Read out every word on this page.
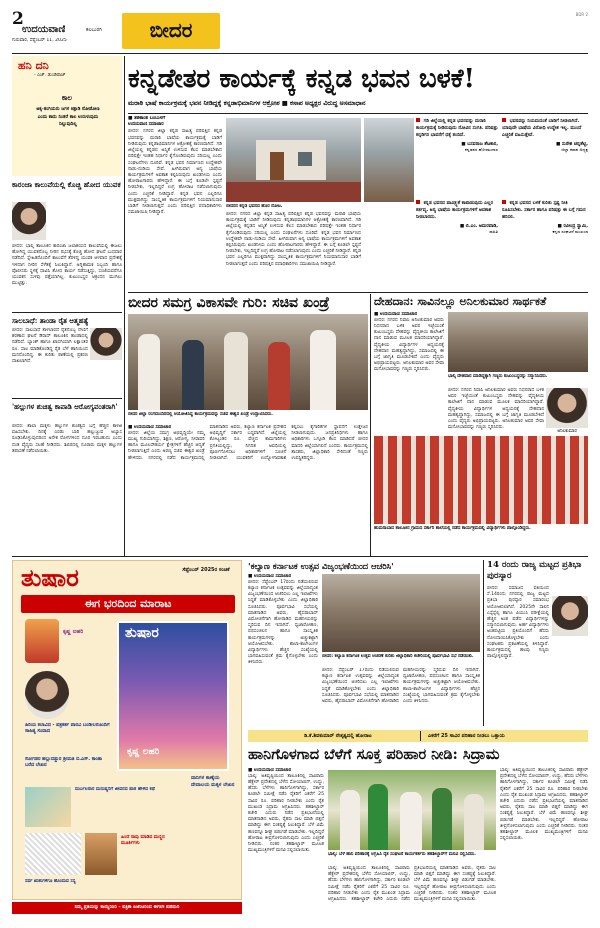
2
ಉದಯವಾಣಿ	ಕಲಬುರಗಿ
ಗುರುವಾರ, ಸೆಪ್ಟೆಂಬರ್ 11, 2025	ಬೀದರ
BDR 2
ಹನಿ ದನಿ
- ಎಚ್. ಡುಂಡಿರಾಜ್
ಕಾಲ
ಅಕ್ಕ-ತಂಗಿಯರು ಜಗಳ ಕಿತ್ತಾಡಿ ನೋಡೋಣ ಎಂದು ಕಾದು ನಿಂತರೆ ಕಾಲ ಉರುಳುವುದು ನಿಲ್ಲುವುದಿಲ್ಲ
ಕಾರಂಜಾ ಕಾಲುವೆಯಲ್ಲಿ ಕೊಚ್ಚಿ ಹೋದ ಯುವಕ
ಬೀದರ: ಭಾಲ್ಕಿ ತಾಲೂಕಿನ ಕಾರಂಜಾ ಜಲಾಶಯದ ಕಾಲುವೆಯಲ್ಲಿ ಈಜಲು ಹೋಗಿದ್ದ ಯುವಕನೊಬ್ಬ ನೀರಿನ ರಭಸಕ್ಕೆ ಕೊಚ್ಚಿ ಹೋದ ಘಟನೆ ಬುಧವಾರ ನಡೆದಿದೆ. ಸ್ನೇಹಿತರೊಂದಿಗೆ ಕಾಲುವೆಗೆ ತೆರಳಿದ್ದ ಯುವಕ ಆಳವಾದ ಪ್ರದೇಶಕ್ಕೆ ಇಳಿದಾಗ ನೀರಿನ ಸೆಳೆತಕ್ಕೆ ಸಿಲುಕಿದ್ದಾನೆ. ಅಗ್ನಿಶಾಮಕ ಸಿಬ್ಬಂದಿ ಹಾಗೂ ಪೊಲೀಸರು ಸ್ಥಳಕ್ಕೆ ಧಾವಿಸಿ ಶೋಧ ಕಾರ್ಯ ನಡೆಸುತ್ತಿದ್ದು, ಸಂಜೆಯವರೆಗೂ ಯುವಕನ ಸುಳಿವು ಪತ್ತೆಯಾಗಿಲ್ಲ. ಕುಟುಂಬಸ್ಥರ ಆಕ್ರಂದನ ಮುಗಿಲು ಮುಟ್ಟಿತ್ತು.
ಸಾಲಬಾಧೆ: ತಾಂಡಾ ರೈತ ಆತ್ಮಹತ್ಯೆ
ಬೀದರ: ಸಾಲಬಾಧೆ ತಾಳಲಾರದೆ ರೈತನೊಬ್ಬ ನೇಣಿಗೆ ಶರಣಾದ ಘಟನೆ ಔರಾದ್ ತಾಲೂಕಿನ ತಾಂಡಾದಲ್ಲಿ ನಡೆದಿದೆ. ಬ್ಯಾಂಕ್ ಹಾಗೂ ಖಾಸಗಿಯಾಗಿ ಲಕ್ಷಾಂತರ ರೂ. ಸಾಲ ಮಾಡಿಕೊಂಡಿದ್ದ ರೈತ ಬೆಳೆ ಹಾನಿಯಿಂದ ಮನನೊಂದಿದ್ದ. ಈ ಕುರಿತು ಠಾಣೆಯಲ್ಲಿ ಪ್ರಕರಣ ದಾಖಲಾಗಿದೆ.
'ಹಲ್ಲುಗಳ ಶುಚಿತ್ವ ಕಾಪಾಡಿ ಆರೋಗ್ಯವಂತರಾಗಿ'
ಬೀದರ: ಶಾಲಾ ಮಕ್ಕಳು ಹಲ್ಲುಗಳ ಶುಚಿತ್ವದ ಬಗ್ಗೆ ಹೆಚ್ಚಿನ ಕಾಳಜಿ ವಹಿಸಬೇಕು. ದಿನಕ್ಕೆ ಎರಡು ಬಾರಿ ಹಲ್ಲುಜ್ಜುವ ಅಭ್ಯಾಸ ರೂಢಿಸಿಕೊಳ್ಳುವುದರಿಂದ ಅನೇಕ ರೋಗಗಳಿಂದ ದೂರ ಇರಬಹುದು ಎಂದು ದಂತ ವೈದ್ಯರು ಸಲಹೆ ನೀಡಿದರು. ಶಿಬಿರದಲ್ಲಿ ನೂರಾರು ಮಕ್ಕಳ ಹಲ್ಲುಗಳ ತಪಾಸಣೆ ನಡೆಸಲಾಯಿತು.
ಕನ್ನಡೇತರ ಕಾರ್ಯಕ್ಕೆ ಕನ್ನಡ ಭವನ ಬಳಕೆ!
ಮರಾಠಿ ಭಾಷೆ ಕಾರ್ಯಕ್ರಮಕ್ಕೆ ಭವನ ನೀಡಿದ್ದಕ್ಕೆ ಕನ್ನಡಾಭಿಮಾನಿಗಳ ಆಕ್ರೋಶ ■ ಕಸಾಪ ಅಧ್ಯಕ್ಷರ ವಿರುದ್ಧ ಅಸಮಾಧಾನ
■ ಶಶಿಕಾಂತ ಬಂಬುಳಗೆ
ಉದಯವಾಣಿ ಸಮಾಚಾರ
ಬೀದರ: ನಗರದ ಜಿಲ್ಲಾ ಕನ್ನಡ ಸಾಹಿತ್ಯ ಪರಿಷತ್ತಿನ ಕನ್ನಡ ಭವನವನ್ನು ಮರಾಠಿ ಭಾಷೆಯ ಕಾರ್ಯಕ್ರಮಕ್ಕೆ ಬಾಡಿಗೆ ನೀಡಿರುವುದು ಕನ್ನಡಾಭಿಮಾನಿಗಳ ಆಕ್ರೋಶಕ್ಕೆ ಕಾರಣವಾಗಿದೆ. ಗಡಿ ಜಿಲ್ಲೆಯಲ್ಲಿ ಕನ್ನಡದ ಅಸ್ಮಿತೆ ಉಳಿಸುವ ಕೆಲಸ ಮಾಡಬೇಕಾದ ಪರಿಷತ್ತೇ ಇಂತಹ ನಿರ್ಧಾರ ಕೈಗೊಂಡಿರುವುದು ಸರಿಯಲ್ಲ ಎಂದು ಸಂಘಟನೆಗಳು ದೂರಿವೆ. ಕನ್ನಡ ಭವನ ನಿರ್ಮಾಣದ ಉದ್ದೇಶವೇ ನಾಡು-ನುಡಿಯ ಸೇವೆ. ಹೀಗಿರುವಾಗ ಅನ್ಯ ಭಾಷೆಯ ಕಾರ್ಯಕ್ರಮಗಳಿಗೆ ಅವಕಾಶ ಕಲ್ಪಿಸಿರುವುದು ಖಂಡನೀಯ ಎಂದು ಹೋರಾಟಗಾರರು ಹೇಳಿದ್ದಾರೆ. ಈ ಬಗ್ಗೆ ಕೂಡಲೇ ಸ್ಪಷ್ಟನೆ ನೀಡಬೇಕು, ಇಲ್ಲದಿದ್ದರೆ ಉಗ್ರ ಹೋರಾಟ ನಡೆಸಲಾಗುವುದು ಎಂದು ಎಚ್ಚರಿಕೆ ನೀಡಿದ್ದಾರೆ. ಕನ್ನಡ ಭವನ ಎಲ್ಲರಿಗೂ ಮುಕ್ತವಾಗಿದ್ದು ಸಾಂಸ್ಕೃತಿಕ ಕಾರ್ಯಕ್ರಮಗಳಿಗೆ ನಿಯಮಾನುಸಾರ ಬಾಡಿಗೆ ನೀಡಲಾಗುತ್ತದೆ ಎಂದು ಪರಿಷತ್ತಿನ ಪದಾಧಿಕಾರಿಗಳು ಸಮಜಾಯಿಷಿ ನೀಡಿದ್ದಾರೆ.
ಬೀದರನ ಕನ್ನಡ ಭವನದ ಹೊರ ನೋಟ.
ಬೀದರ: ನಗರದ ಜಿಲ್ಲಾ ಕನ್ನಡ ಸಾಹಿತ್ಯ ಪರಿಷತ್ತಿನ ಕನ್ನಡ ಭವನವನ್ನು ಮರಾಠಿ ಭಾಷೆಯ ಕಾರ್ಯಕ್ರಮಕ್ಕೆ ಬಾಡಿಗೆ ನೀಡಿರುವುದು ಕನ್ನಡಾಭಿಮಾನಿಗಳ ಆಕ್ರೋಶಕ್ಕೆ ಕಾರಣವಾಗಿದೆ. ಗಡಿ ಜಿಲ್ಲೆಯಲ್ಲಿ ಕನ್ನಡದ ಅಸ್ಮಿತೆ ಉಳಿಸುವ ಕೆಲಸ ಮಾಡಬೇಕಾದ ಪರಿಷತ್ತೇ ಇಂತಹ ನಿರ್ಧಾರ ಕೈಗೊಂಡಿರುವುದು ಸರಿಯಲ್ಲ ಎಂದು ಸಂಘಟನೆಗಳು ದೂರಿವೆ. ಕನ್ನಡ ಭವನ ನಿರ್ಮಾಣದ ಉದ್ದೇಶವೇ ನಾಡು-ನುಡಿಯ ಸೇವೆ. ಹೀಗಿರುವಾಗ ಅನ್ಯ ಭಾಷೆಯ ಕಾರ್ಯಕ್ರಮಗಳಿಗೆ ಅವಕಾಶ ಕಲ್ಪಿಸಿರುವುದು ಖಂಡನೀಯ ಎಂದು ಹೋರಾಟಗಾರರು ಹೇಳಿದ್ದಾರೆ. ಈ ಬಗ್ಗೆ ಕೂಡಲೇ ಸ್ಪಷ್ಟನೆ ನೀಡಬೇಕು, ಇಲ್ಲದಿದ್ದರೆ ಉಗ್ರ ಹೋರಾಟ ನಡೆಸಲಾಗುವುದು ಎಂದು ಎಚ್ಚರಿಕೆ ನೀಡಿದ್ದಾರೆ. ಕನ್ನಡ ಭವನ ಎಲ್ಲರಿಗೂ ಮುಕ್ತವಾಗಿದ್ದು ಸಾಂಸ್ಕೃತಿಕ ಕಾರ್ಯಕ್ರಮಗಳಿಗೆ ನಿಯಮಾನುಸಾರ ಬಾಡಿಗೆ ನೀಡಲಾಗುತ್ತದೆ ಎಂದು ಪರಿಷತ್ತಿನ ಪದಾಧಿಕಾರಿಗಳು ಸಮಜಾಯಿಷಿ ನೀಡಿದ್ದಾರೆ.
ಗಡಿ ಜಿಲ್ಲೆಯಲ್ಲಿ ಕನ್ನಡ ಭವನವನ್ನು ಮರಾಠಿ ಕಾರ್ಯಕ್ರಮಕ್ಕೆ ನೀಡಿರುವುದು ನೋವಿನ ಸಂಗತಿ. ಪರಿಷತ್ತು ಕನ್ನಡಿಗರ ಭಾವನೆಗೆ ಧಕ್ಕೆ ತಂದಿದೆ.
■ ಬಸವರಾಜ ಶೆಟಕಾರ,
ಕನ್ನಡಪರ ಹೋರಾಟಗಾರ
ಭವನವನ್ನು ನಿಯಮದಂತೆ ಬಾಡಿಗೆ ನೀಡಲಾಗಿದೆ. ಯಾವುದೇ ಭಾಷೆಯ ವಿರೋಧಿ ಉದ್ದೇಶ ಇಲ್ಲ. ಮುಂದೆ ಎಚ್ಚರಿಕೆ ವಹಿಸುತ್ತೇವೆ.
■ ಸುರೇಶ ಚನ್ನಶೆಟ್ಟಿ,
ಜಿಲ್ಲಾ ಕಸಾಪ ಅಧ್ಯಕ್ಷ
ಕನ್ನಡ ಭವನದ ಪಾವಿತ್ರ್ಯತೆ ಕಾಪಾಡುವುದು ಎಲ್ಲರ ಕರ್ತವ್ಯ. ಅನ್ಯ ಭಾಷೆಯ ಕಾರ್ಯಕ್ರಮಗಳಿಗೆ ಅವಕಾಶ ನೀಡಬಾರದು.
■ ಬಿ.ಎಂ. ಅಮರವಾಡಿ,
ಸಾಹಿತಿ
ಕನ್ನಡ ಭವನದ ಬಳಕೆ ಕುರಿತು ಸ್ಪಷ್ಟ ನೀತಿ ರೂಪಿಸಬೇಕು. ಸರ್ಕಾರ ಹಾಗೂ ಪರಿಷತ್ತು ಈ ಬಗ್ಗೆ ಗಮನ ಹರಿಸಲಿ.
■ ರವೀಂದ್ರ ಸ್ವಾಮಿ,
ಕನ್ನಡ ಸಂಘಟನೆ ಮುಖಂಡ
ಬೀದರ ಸಮಗ್ರ ವಿಕಾಸವೇ ಗುರಿ: ಸಚಿವ ಖಂಡ್ರೆ
ಬೀದರ ಜಿಲ್ಲಾ ರಂಗಮಂದಿರದಲ್ಲಿ ಆಯೋಜಿಸಿದ್ದ ಕಾರ್ಯಕ್ರಮವನ್ನು ಸಚಿವ ಈಶ್ವರ ಖಂಡ್ರೆ ಉದ್ಘಾಟಿಸಿದರು.
■ ಉದಯವಾಣಿ ಸಮಾಚಾರ
ಬೀದರ: ಜಿಲ್ಲೆಯ ಸಮಗ್ರ ಅಭಿವೃದ್ಧಿಯೇ ನಮ್ಮ ಮುಖ್ಯ ಗುರಿಯಾಗಿದ್ದು, ಶಿಕ್ಷಣ, ಆರೋಗ್ಯ, ನೀರಾವರಿ ಹಾಗೂ ಮೂಲಸೌಕರ್ಯ ಕ್ಷೇತ್ರಗಳಿಗೆ ಹೆಚ್ಚಿನ ಆದ್ಯತೆ ನೀಡಲಾಗುತ್ತಿದೆ ಎಂದು ಅರಣ್ಯ ಸಚಿವ ಈಶ್ವರ ಖಂಡ್ರೆ ಹೇಳಿದರು. ನಗರದಲ್ಲಿ ನಡೆದ ಕಾರ್ಯಕ್ರಮದಲ್ಲಿ ಮಾತನಾಡಿದ ಅವರು, ಕಲ್ಯಾಣ ಕರ್ನಾಟಕ ಪ್ರದೇಶದ ಅಭಿವೃದ್ಧಿಗೆ ಸರ್ಕಾರ ಬದ್ಧವಾಗಿದೆ. ಜಿಲ್ಲೆಯಲ್ಲಿ ಕೋಟ್ಯಂತರ ರೂ. ವೆಚ್ಚದ ಕಾಮಗಾರಿಗಳು ಪ್ರಗತಿಯಲ್ಲಿದ್ದು, ನಿಗದಿತ ಅವಧಿಯಲ್ಲಿ ಪೂರ್ಣಗೊಳಿಸಲು ಅಧಿಕಾರಿಗಳಿಗೆ ಸೂಚನೆ ನೀಡಲಾಗಿದೆ. ಯುವಕರಿಗೆ ಉದ್ಯೋಗಾವಕಾಶ ಕಲ್ಪಿಸಲು ಕೈಗಾರಿಕೆಗಳ ಸ್ಥಾಪನೆಗೆ ಉತ್ತೇಜನ ನೀಡಲಾಗುವುದು. ಜನಪ್ರತಿನಿಧಿಗಳು ಹಾಗೂ ಅಧಿಕಾರಿಗಳು ಒಗ್ಗೂಡಿ ಕೆಲಸ ಮಾಡಿದರೆ ಬೀದರ ಮಾದರಿ ಜಿಲ್ಲೆಯಾಗಲಿದೆ ಎಂದರು. ಕಾರ್ಯಕ್ರಮದಲ್ಲಿ ಶಾಸಕರು, ಜಿಲ್ಲಾಧಿಕಾರಿ ಸೇರಿದಂತೆ ಗಣ್ಯರು ಉಪಸ್ಥಿತರಿದ್ದರು.
ದೇಹದಾನ: ಸಾವಿನಲ್ಲೂ ಅನಿಲಕುಮಾರ ಸಾರ್ಥಕತೆ
■ ಉದಯವಾಣಿ ಸಮಾಚಾರ
ಬೀದರ: ನಗರದ ನಿವಾಸಿ ಅನಿಲಕುಮಾರ ಅವರು ನಿಧನರಾದ ಬಳಿಕ ಅವರ ಇಚ್ಛೆಯಂತೆ ಕುಟುಂಬಸ್ಥರು ದೇಹವನ್ನು ವೈದ್ಯಕೀಯ ಕಾಲೇಜಿಗೆ ದಾನ ಮಾಡುವ ಮೂಲಕ ಮಾದರಿಯಾಗಿದ್ದಾರೆ. ವೈದ್ಯಕೀಯ ವಿದ್ಯಾರ್ಥಿಗಳ ಅಧ್ಯಯನಕ್ಕೆ ದೇಹದಾನ ಮಹತ್ವದ್ದಾಗಿದ್ದು, ಸಮಾಜದಲ್ಲಿ ಈ ಬಗ್ಗೆ ಜಾಗೃತಿ ಮೂಡಬೇಕಿದೆ ಎಂದು ವೈದ್ಯರು ಅಭಿಪ್ರಾಯಪಟ್ಟರು. ಅನಿಲಕುಮಾರ ಅವರ ಸೇವಾ ಮನೋಭಾವವನ್ನು ಗಣ್ಯರು ಸ್ಮರಿಸಿದರು.
ಭಾಲ್ಕಿ ದೇಹದಾನ ಮಾಡಿದ್ದಕ್ಕಾಗಿ ಗಣ್ಯರು ಕುಟುಂಬಸ್ಥರನ್ನು ಸನ್ಮಾನಿಸಿದರು.
ಬೀದರ: ನಗರದ ನಿವಾಸಿ ಅನಿಲಕುಮಾರ ಅವರು ನಿಧನರಾದ ಬಳಿಕ ಅವರ ಇಚ್ಛೆಯಂತೆ ಕುಟುಂಬಸ್ಥರು ದೇಹವನ್ನು ವೈದ್ಯಕೀಯ ಕಾಲೇಜಿಗೆ ದಾನ ಮಾಡುವ ಮೂಲಕ ಮಾದರಿಯಾಗಿದ್ದಾರೆ. ವೈದ್ಯಕೀಯ ವಿದ್ಯಾರ್ಥಿಗಳ ಅಧ್ಯಯನಕ್ಕೆ ದೇಹದಾನ ಮಹತ್ವದ್ದಾಗಿದ್ದು, ಸಮಾಜದಲ್ಲಿ ಈ ಬಗ್ಗೆ ಜಾಗೃತಿ ಮೂಡಬೇಕಿದೆ ಎಂದು ವೈದ್ಯರು ಅಭಿಪ್ರಾಯಪಟ್ಟರು. ಅನಿಲಕುಮಾರ ಅವರ ಸೇವಾ ಮನೋಭಾವವನ್ನು ಗಣ್ಯರು ಸ್ಮರಿಸಿದರು.
ಅನಿಲಕುಮಾರ
ಹುಮನಾಬಾದ ತಾಲೂಕಿನ ಗ್ರಾಮದ ಸರ್ಕಾರಿ ಶಾಲೆಯಲ್ಲಿ ನಡೆದ ಕಾರ್ಯಕ್ರಮದಲ್ಲಿ ವಿದ್ಯಾರ್ಥಿಗಳು ಪಾಲ್ಗೊಂಡಿದ್ದರು.
ತುಷಾರ	ಸೆಪ್ಟೆಂಬರ್ 2025ರ ಸಂಚಿಕೆ
ಈಗ ಭರದಿಂದ ಮಾರಾಟ
ತುಷಾರ
ಕೃಷ್ಣ ಲಹರಿ
ಕೃಷ್ಣ ಲಹರಿ
ಹಿರಿಯ ಕಲಾವಿದ - ಪತ್ರಕರ್ತ ಪಾರವಿ ಬಂಡೀಲರೊಂದಿಗೆ ಸಾಹಿತ್ಯ ಸಂವಾದ
ಸೋಗಡರ ಹಲ್ಲುದಡ್ಡುರ ಶ್ರೀಮತಿ ಬಿ.ಎಸ್. ಕಾಂತಾ ಬರೆದ ಲೇಖನ
ದುರ್ಬಲರಾರ ಮನುಷ್ಯರಿಗೆ ಜೀವನದ ಪಾಠ ಹೇಳಿದ ಕಥೆ
ದಾನಿಗಳ ಕಾಣ್ಕೆಯ ದೇವಾಲಯ ಮಕ್ಕಳ ಲೇಖನ
ಸರ್ವ ಋತುಗಳಿಗೂ ಹೊಂದುವ ಸಸ್ಯ
ಹಿಂದೆ ನಾವು ಮಾಡಿದ ಮಣ್ಣಿನ ಮೂರ್ತಿಗಳು
ನಿಮ್ಮ ಪ್ರತಿಯನ್ನು ಕಾಯ್ದಿರಿಸಿರಿ – ಪತ್ರಿಕಾ ಏಜೆಂಟರಿಂದ ಈಗಲೇ ಪಡೆಯಿರಿ
'ಕಲ್ಯಾಣ ಕರ್ನಾಟಕ ಉತ್ಸವ ವಿಜೃಂಭಣೆಯಿಂದ ಆಚರಿಸಿ'
■ ಉದಯವಾಣಿ ಸಮಾಚಾರ
ಬೀದರ: ಸೆಪ್ಟೆಂಬರ್ 17ರಂದು ನಡೆಯಲಿರುವ ಕಲ್ಯಾಣ ಕರ್ನಾಟಕ ಉತ್ಸವವನ್ನು ಜಿಲ್ಲೆಯಾದ್ಯಂತ ವಿಜೃಂಭಣೆಯಿಂದ ಆಚರಿಸಲು ಎಲ್ಲ ಇಲಾಖೆಗಳು ಸಿದ್ಧತೆ ಮಾಡಿಕೊಳ್ಳಬೇಕು ಎಂದು ಜಿಲ್ಲಾಧಿಕಾರಿ ಸೂಚಿಸಿದರು. ಪೂರ್ವಭಾವಿ ಸಭೆಯಲ್ಲಿ ಮಾತನಾಡಿದ ಅವರು, ಹೈದರಾಬಾದ್ ವಿಮೋಚನೆಗಾಗಿ ಹೋರಾಡಿದ ಮಹನೀಯರನ್ನು ಸ್ಮರಿಸುವ ದಿನ ಇದಾಗಿದೆ. ಧ್ವಜಾರೋಹಣ, ಪಥಸಂಚಲನ ಹಾಗೂ ಸಾಂಸ್ಕೃತಿಕ ಕಾರ್ಯಕ್ರಮಗಳನ್ನು ಅಚ್ಚುಕಟ್ಟಾಗಿ ಆಯೋಜಿಸಬೇಕು. ಶಾಲಾ-ಕಾಲೇಜುಗಳ ವಿದ್ಯಾರ್ಥಿಗಳು ಹೆಚ್ಚಿನ ಸಂಖ್ಯೆಯಲ್ಲಿ ಭಾಗವಹಿಸುವಂತೆ ಕ್ರಮ ಕೈಗೊಳ್ಳಬೇಕು ಎಂದು ತಿಳಿಸಿದರು.
ಬೀದರ: ಕಲ್ಯಾಣ ಕರ್ನಾಟಕ ಉತ್ಸವ ಆಚರಣೆ ಕುರಿತು ಜಿಲ್ಲಾಧಿಕಾರಿ ಕಚೇರಿಯಲ್ಲಿ ಪೂರ್ವಭಾವಿ ಸಭೆ ನಡೆಯಿತು.
ಬೀದರ: ಸೆಪ್ಟೆಂಬರ್ 17ರಂದು ನಡೆಯಲಿರುವ ಕಲ್ಯಾಣ ಕರ್ನಾಟಕ ಉತ್ಸವವನ್ನು ಜಿಲ್ಲೆಯಾದ್ಯಂತ ವಿಜೃಂಭಣೆಯಿಂದ ಆಚರಿಸಲು ಎಲ್ಲ ಇಲಾಖೆಗಳು ಸಿದ್ಧತೆ ಮಾಡಿಕೊಳ್ಳಬೇಕು ಎಂದು ಜಿಲ್ಲಾಧಿಕಾರಿ ಸೂಚಿಸಿದರು. ಪೂರ್ವಭಾವಿ ಸಭೆಯಲ್ಲಿ ಮಾತನಾಡಿದ ಅವರು, ಹೈದರಾಬಾದ್ ವಿಮೋಚನೆಗಾಗಿ ಹೋರಾಡಿದ ಮಹನೀಯರನ್ನು ಸ್ಮರಿಸುವ ದಿನ ಇದಾಗಿದೆ. ಧ್ವಜಾರೋಹಣ, ಪಥಸಂಚಲನ ಹಾಗೂ ಸಾಂಸ್ಕೃತಿಕ ಕಾರ್ಯಕ್ರಮಗಳನ್ನು ಅಚ್ಚುಕಟ್ಟಾಗಿ ಆಯೋಜಿಸಬೇಕು. ಶಾಲಾ-ಕಾಲೇಜುಗಳ ವಿದ್ಯಾರ್ಥಿಗಳು ಹೆಚ್ಚಿನ ಸಂಖ್ಯೆಯಲ್ಲಿ ಭಾಗವಹಿಸುವಂತೆ ಕ್ರಮ ಕೈಗೊಳ್ಳಬೇಕು ಎಂದು ತಿಳಿಸಿದರು.
14 ರಂದು ರಾಜ್ಯ ಮಟ್ಟದ ಪ್ರತಿಭಾ ಪುರಸ್ಕಾರ
ಬೀದರ: ಸಮಾಜದ ವತಿಯಿಂದ ಸೆ.14ರಂದು ನಗರದಲ್ಲಿ ರಾಜ್ಯ ಮಟ್ಟದ ಪ್ರತಿಭಾ ಪುರಸ್ಕಾರ ಸಮಾರಂಭ ಆಯೋಜಿಸಲಾಗಿದೆ. 2025ನೇ ಸಾಲಿನ ಎಸ್ಸೆಸ್ಸೆಲ್ಸಿ ಹಾಗೂ ಪಿಯುಸಿ ಪರೀಕ್ಷೆಯಲ್ಲಿ ಹೆಚ್ಚಿನ ಅಂಕ ಪಡೆದ ವಿದ್ಯಾರ್ಥಿಗಳನ್ನು ಸನ್ಮಾನಿಸಲಾಗುವುದು. ಅರ್ಹ ವಿದ್ಯಾರ್ಥಿಗಳು ಅಂಕಪಟ್ಟಿಯ ಪ್ರತಿಯೊಂದಿಗೆ ಹೆಸರು ನೋಂದಾಯಿಸಿಕೊಳ್ಳಬೇಕು ಎಂದು ಸಂಘಟಕರು ಪ್ರಕಟಣೆಯಲ್ಲಿ ತಿಳಿಸಿದ್ದಾರೆ. ಕಾರ್ಯಕ್ರಮದಲ್ಲಿ ಹಲವು ಗಣ್ಯರು ಪಾಲ್ಗೊಳ್ಳಲಿದ್ದಾರೆ.
ಡಿ.ಕೆ.ಶಿವಕುಮಾರ್ ನೇತೃತ್ವದಲ್ಲಿ ಹೋರಾಟ	ಎಕರೆಗೆ 25 ಸಾವಿರ ಪರಿಹಾರ ನೀಡಲು ಒತ್ತಾಯ
ಹಾನಿಗೊಳಗಾದ ಬೆಳೆಗೆ ಸೂಕ್ತ ಪರಿಹಾರ ನೀಡಿ: ಸಿದ್ರಾಮ
■ ಉದಯವಾಣಿ ಸಮಾಚಾರ
ಭಾಲ್ಕಿ: ಅತಿವೃಷ್ಟಿಯಿಂದ ತಾಲೂಕಿನಲ್ಲಿ ಸಾವಿರಾರು ಹೆಕ್ಟೇರ್ ಪ್ರದೇಶದಲ್ಲಿ ಬೆಳೆದ ಸೋಯಾಬಿನ್, ಉದ್ದು, ಹೆಸರು ಬೆಳೆಗಳು ಹಾನಿಗೊಳಗಾಗಿದ್ದು, ಸರ್ಕಾರ ಕೂಡಲೇ ಸಮೀಕ್ಷೆ ನಡೆಸಿ ರೈತರಿಗೆ ಎಕರೆಗೆ 25 ಸಾವಿರ ರೂ. ಪರಿಹಾರ ನೀಡಬೇಕು ಎಂದು ರೈತ ಮುಖಂಡ ಸಿದ್ರಾಮ ಆಗ್ರಹಿಸಿದರು. ತಹಶೀಲ್ದಾರ್ ಕಚೇರಿ ಎದುರು ನಡೆದ ಪ್ರತಿಭಟನೆಯಲ್ಲಿ ಮಾತನಾಡಿದ ಅವರು, ರೈತರು ಸಾಲ ಮಾಡಿ ಬಿತ್ತನೆ ಮಾಡಿದ್ದು ಈಗ ಸಂಕಷ್ಟಕ್ಕೆ ಸಿಲುಕಿದ್ದಾರೆ. ಬೆಳೆ ವಿಮೆ ಹಣವನ್ನೂ ಶೀಘ್ರ ಬಿಡುಗಡೆ ಮಾಡಬೇಕು. ಇಲ್ಲದಿದ್ದರೆ ಹೋರಾಟ ತೀವ್ರಗೊಳಿಸಲಾಗುವುದು ಎಂದು ಎಚ್ಚರಿಕೆ ನೀಡಿದರು. ನಂತರ ತಹಶೀಲ್ದಾರ್ ಮೂಲಕ ಮುಖ್ಯಮಂತ್ರಿಗಳಿಗೆ ಮನವಿ ಸಲ್ಲಿಸಲಾಯಿತು.
ಭಾಲ್ಕಿ: ಬೆಳೆ ಹಾನಿ ಪರಿಹಾರಕ್ಕೆ ಆಗ್ರಹಿಸಿ ರೈತ ಸಂಘಟನೆ ಕಾರ್ಯಕರ್ತರು ತಹಶೀಲ್ದಾರ್‌ಗೆ ಮನವಿ ಸಲ್ಲಿಸಿದರು.
ಭಾಲ್ಕಿ: ಅತಿವೃಷ್ಟಿಯಿಂದ ತಾಲೂಕಿನಲ್ಲಿ ಸಾವಿರಾರು ಹೆಕ್ಟೇರ್ ಪ್ರದೇಶದಲ್ಲಿ ಬೆಳೆದ ಸೋಯಾಬಿನ್, ಉದ್ದು, ಹೆಸರು ಬೆಳೆಗಳು ಹಾನಿಗೊಳಗಾಗಿದ್ದು, ಸರ್ಕಾರ ಕೂಡಲೇ ಸಮೀಕ್ಷೆ ನಡೆಸಿ ರೈತರಿಗೆ ಎಕರೆಗೆ 25 ಸಾವಿರ ರೂ. ಪರಿಹಾರ ನೀಡಬೇಕು ಎಂದು ರೈತ ಮುಖಂಡ ಸಿದ್ರಾಮ ಆಗ್ರಹಿಸಿದರು. ತಹಶೀಲ್ದಾರ್ ಕಚೇರಿ ಎದುರು ನಡೆದ ಪ್ರತಿಭಟನೆಯಲ್ಲಿ ಮಾತನಾಡಿದ ಅವರು, ರೈತರು ಸಾಲ ಮಾಡಿ ಬಿತ್ತನೆ ಮಾಡಿದ್ದು ಈಗ ಸಂಕಷ್ಟಕ್ಕೆ ಸಿಲುಕಿದ್ದಾರೆ. ಬೆಳೆ ವಿಮೆ ಹಣವನ್ನೂ ಶೀಘ್ರ ಬಿಡುಗಡೆ ಮಾಡಬೇಕು. ಇಲ್ಲದಿದ್ದರೆ ಹೋರಾಟ ತೀವ್ರಗೊಳಿಸಲಾಗುವುದು ಎಂದು ಎಚ್ಚರಿಕೆ ನೀಡಿದರು. ನಂತರ ತಹಶೀಲ್ದಾರ್ ಮೂಲಕ ಮುಖ್ಯಮಂತ್ರಿಗಳಿಗೆ ಮನವಿ ಸಲ್ಲಿಸಲಾಯಿತು.
ಭಾಲ್ಕಿ: ಅತಿವೃಷ್ಟಿಯಿಂದ ತಾಲೂಕಿನಲ್ಲಿ ಸಾವಿರಾರು ಹೆಕ್ಟೇರ್ ಪ್ರದೇಶದಲ್ಲಿ ಬೆಳೆದ ಸೋಯಾಬಿನ್, ಉದ್ದು, ಹೆಸರು ಬೆಳೆಗಳು ಹಾನಿಗೊಳಗಾಗಿದ್ದು, ಸರ್ಕಾರ ಕೂಡಲೇ ಸಮೀಕ್ಷೆ ನಡೆಸಿ ರೈತರಿಗೆ ಎಕರೆಗೆ 25 ಸಾವಿರ ರೂ. ಪರಿಹಾರ ನೀಡಬೇಕು ಎಂದು ರೈತ ಮುಖಂಡ ಸಿದ್ರಾಮ ಆಗ್ರಹಿಸಿದರು. ತಹಶೀಲ್ದಾರ್ ಕಚೇರಿ ಎದುರು ನಡೆದ ಪ್ರತಿಭಟನೆಯಲ್ಲಿ ಮಾತನಾಡಿದ ಅವರು, ರೈತರು ಸಾಲ ಮಾಡಿ ಬಿತ್ತನೆ ಮಾಡಿದ್ದು ಈಗ ಸಂಕಷ್ಟಕ್ಕೆ ಸಿಲುಕಿದ್ದಾರೆ. ಬೆಳೆ ವಿಮೆ ಹಣವನ್ನೂ ಶೀಘ್ರ ಬಿಡುಗಡೆ ಮಾಡಬೇಕು. ಇಲ್ಲದಿದ್ದರೆ ಹೋರಾಟ ತೀವ್ರಗೊಳಿಸಲಾಗುವುದು ಎಂದು ಎಚ್ಚರಿಕೆ ನೀಡಿದರು. ನಂತರ ತಹಶೀಲ್ದಾರ್ ಮೂಲಕ ಮುಖ್ಯಮಂತ್ರಿಗಳಿಗೆ ಮನವಿ ಸಲ್ಲಿಸಲಾಯಿತು.
